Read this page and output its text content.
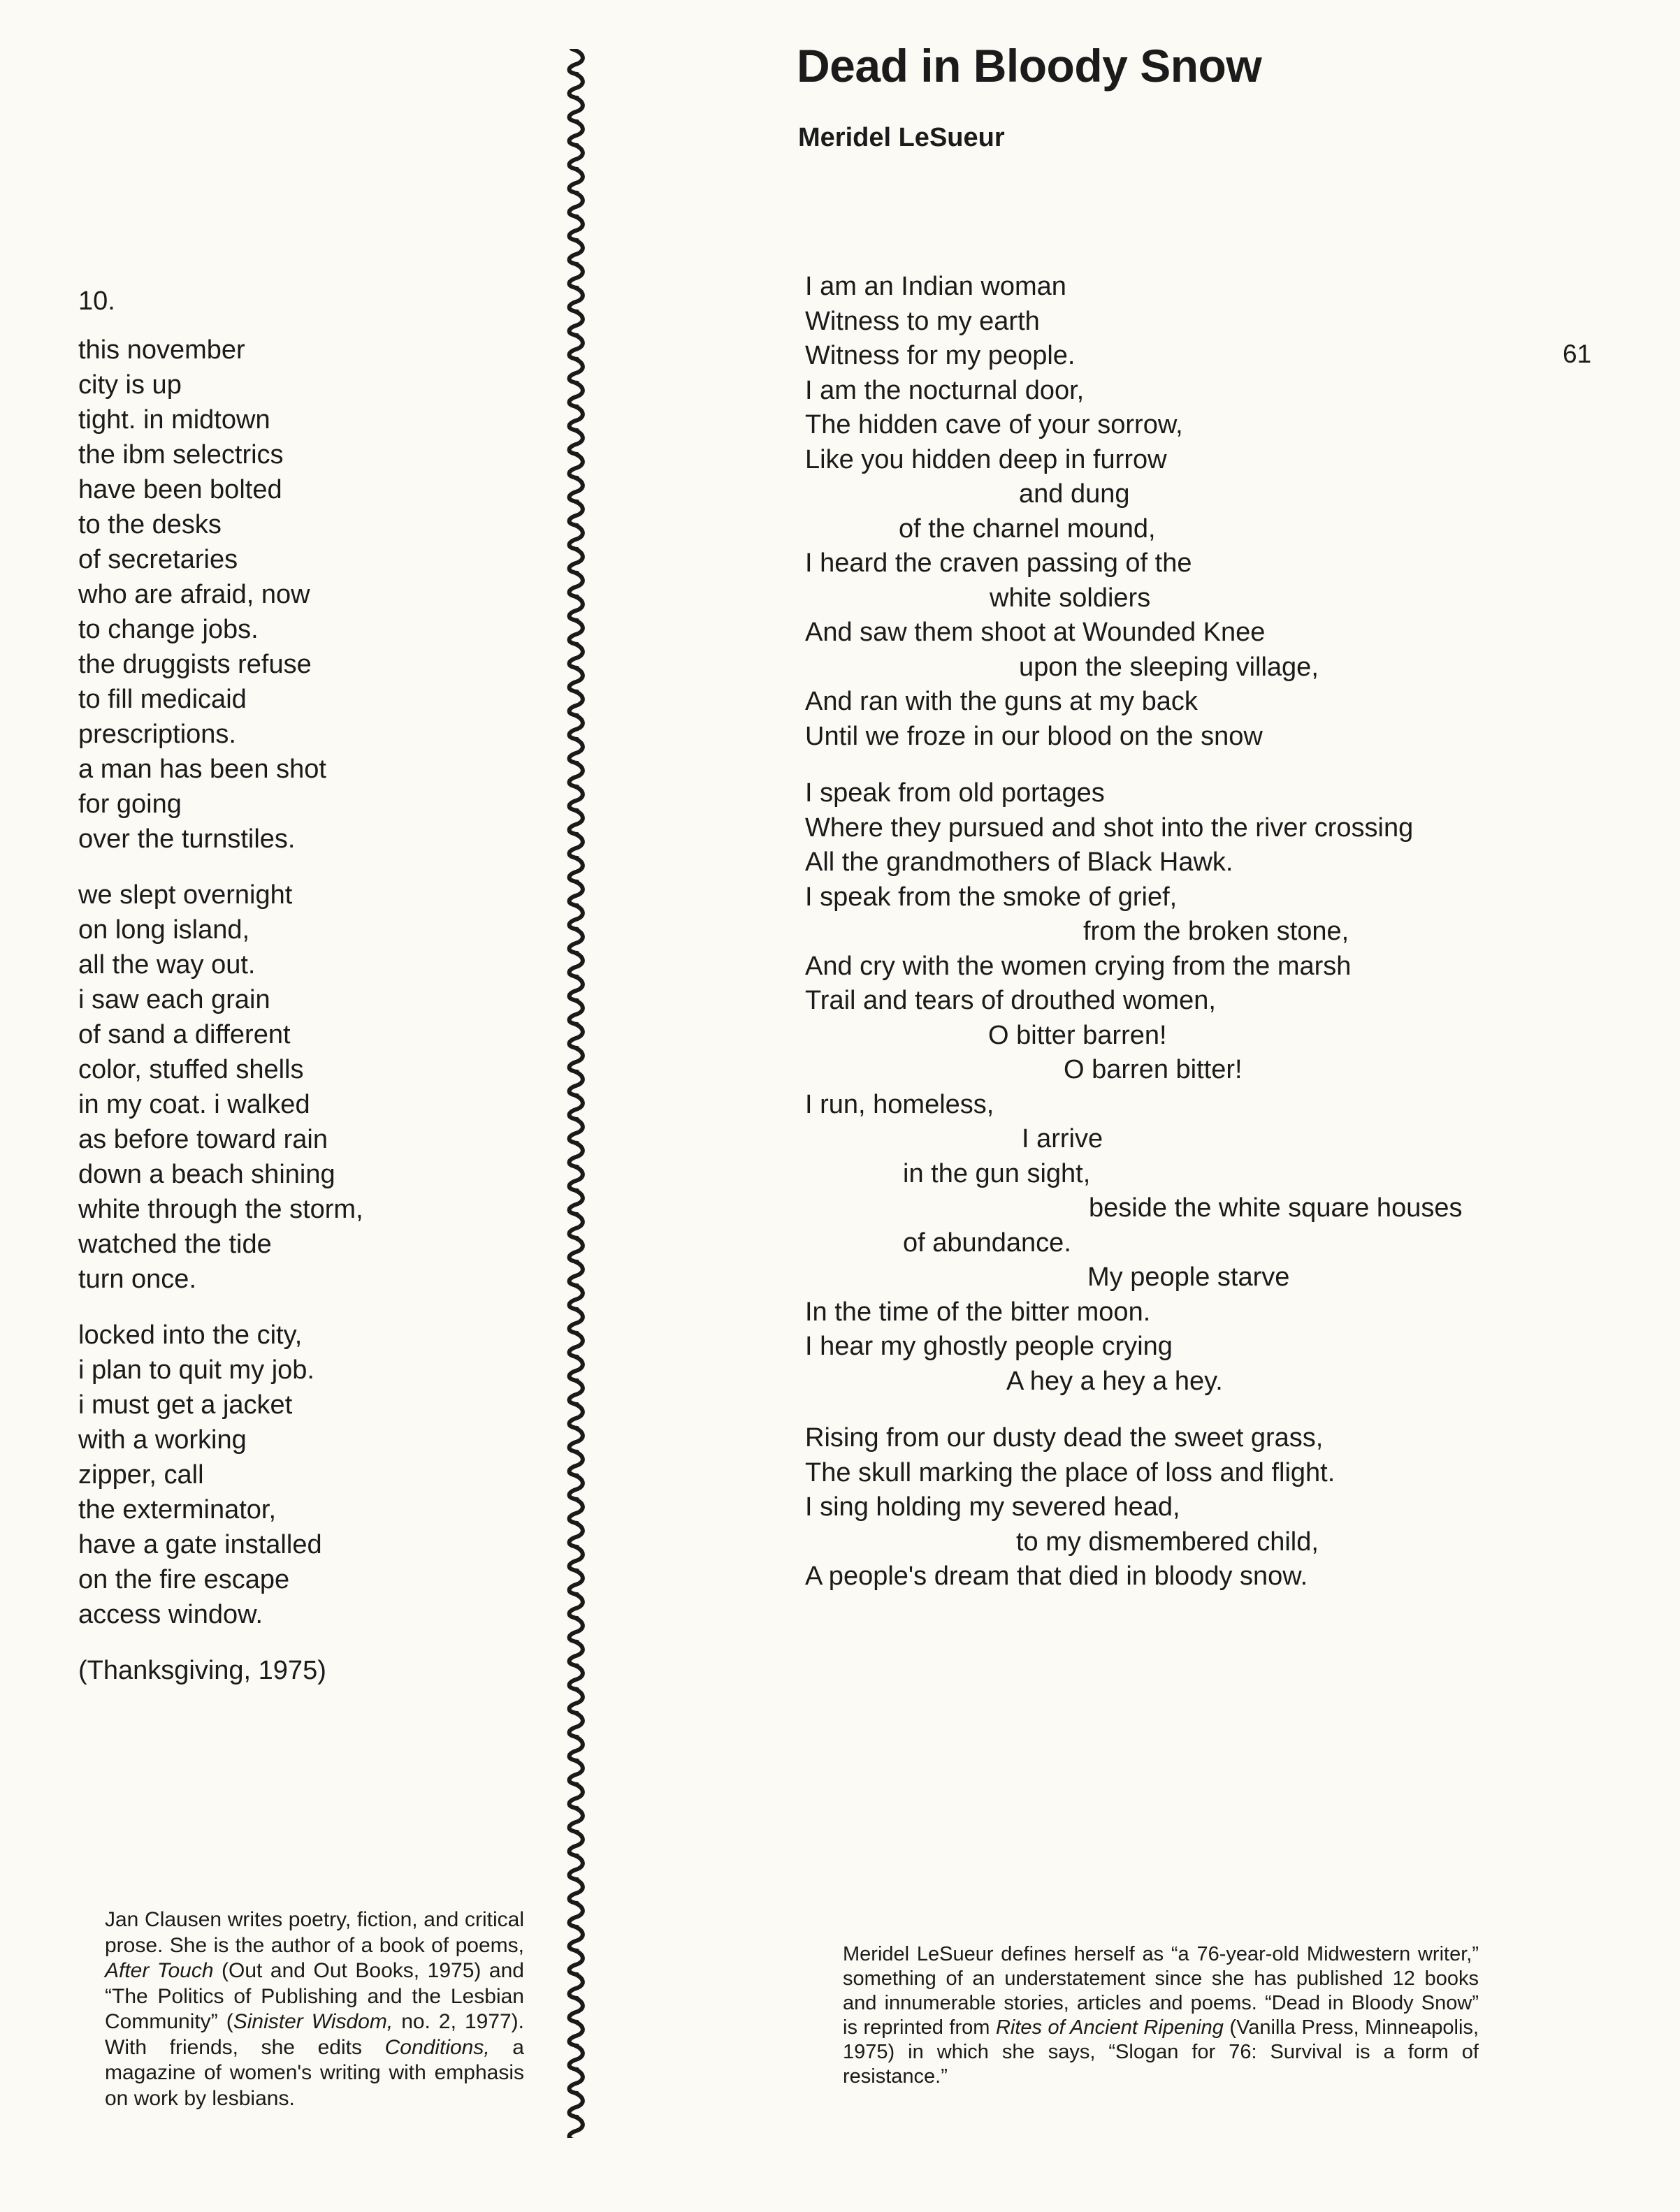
61
Dead in Bloody Snow
Meridel LeSueur
10.
this november
city is up
tight. in midtown
the ibm selectrics
have been bolted
to the desks
of secretaries
who are afraid, now
to change jobs.
the druggists refuse
to fill medicaid
prescriptions.
a man has been shot
for going
over the turnstiles.
we slept overnight
on long island,
all the way out.
i saw each grain
of sand a different
color, stuffed shells
in my coat. i walked
as before toward rain
down a beach shining
white through the storm,
watched the tide
turn once.
locked into the city,
i plan to quit my job.
i must get a jacket
with a working
zipper, call
the exterminator,
have a gate installed
on the fire escape
access window.
(Thanksgiving, 1975)
I am an Indian woman
Witness to my earth
Witness for my people.
I am the nocturnal door,
The hidden cave of your sorrow,
Like you hidden deep in furrow
and dung
of the charnel mound,
I heard the craven passing of the
white soldiers
And saw them shoot at Wounded Knee
upon the sleeping village,
And ran with the guns at my back
Until we froze in our blood on the snow
I speak from old portages
Where they pursued and shot into the river crossing
All the grandmothers of Black Hawk.
I speak from the smoke of grief,
from the broken stone,
And cry with the women crying from the marsh
Trail and tears of drouthed women,
O bitter barren!
O barren bitter!
I run, homeless,
I arrive
in the gun sight,
beside the white square houses
of abundance.
My people starve
In the time of the bitter moon.
I hear my ghostly people crying
A hey a hey a hey.
Rising from our dusty dead the sweet grass,
The skull marking the place of loss and flight.
I sing holding my severed head,
to my dismembered child,
A people's dream that died in bloody snow.
Jan Clausen writes poetry, fiction, and critical prose. She is the author of a book of poems, After Touch (Out and Out Books, 1975) and “The Politics of Publishing and the Lesbian Community” (Sinister Wisdom, no. 2, 1977). With friends, she edits Conditions, a magazine of women's writing with emphasis on work by lesbians.
Meridel LeSueur defines herself as “a 76-year-old Midwestern writer,” something of an understatement since she has published 12 books and innumerable stories, articles and poems. “Dead in Bloody Snow” is reprinted from Rites of Ancient Ripening (Vanilla Press, Minneapolis, 1975) in which she says, “Slogan for 76: Survival is a form of resistance.”
